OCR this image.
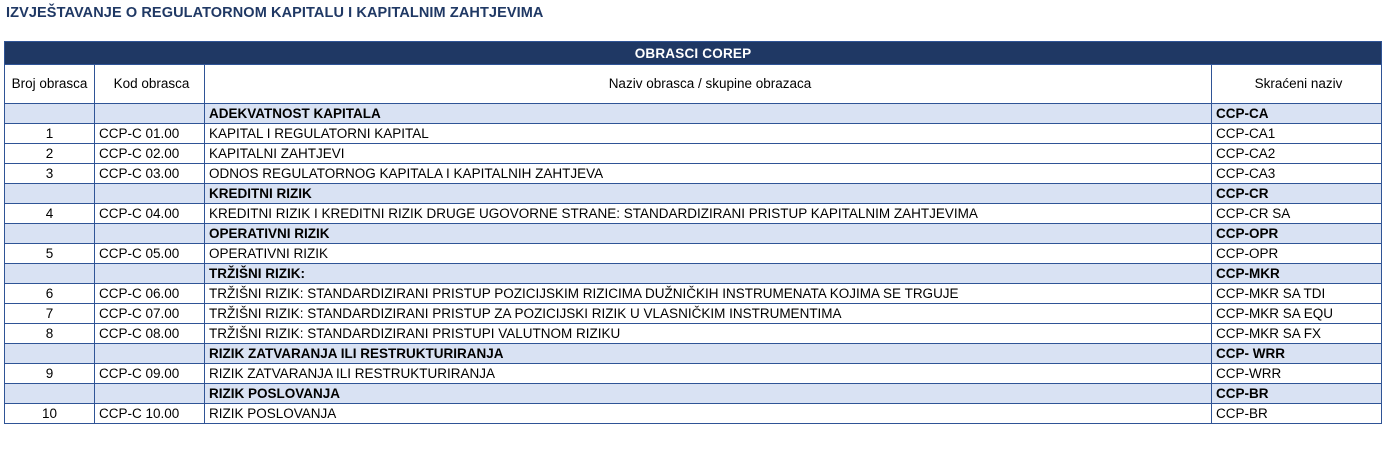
IZVJEŠTAVANJE O REGULATORNOM KAPITALU I KAPITALNIM ZAHTJEVIMA
OBRASCI COREP			
Broj obrasca	Kod obrasca	Naziv obrasca / skupine obrazaca	Skraćeni naziv
		ADEKVATNOST KAPITALA	CCP-CA
1	CCP-C 01.00	KAPITAL I REGULATORNI KAPITAL	CCP-CA1
2	CCP-C 02.00	KAPITALNI ZAHTJEVI	CCP-CA2
3	CCP-C 03.00	ODNOS REGULATORNOG KAPITALA I KAPITALNIH ZAHTJEVA	CCP-CA3
		KREDITNI RIZIK	CCP-CR
4	CCP-C 04.00	KREDITNI RIZIK I KREDITNI RIZIK DRUGE UGOVORNE STRANE: STANDARDIZIRANI PRISTUP KAPITALNIM ZAHTJEVIMA	CCP-CR SA
		OPERATIVNI RIZIK	CCP-OPR
5	CCP-C 05.00	OPERATIVNI RIZIK	CCP-OPR
		TRŽIŠNI RIZIK:	CCP-MKR
6	CCP-C 06.00	TRŽIŠNI RIZIK: STANDARDIZIRANI PRISTUP POZICIJSKIM RIZICIMA DUŽNIČKIH INSTRUMENATA KOJIMA SE TRGUJE	CCP-MKR SA TDI
7	CCP-C 07.00	TRŽIŠNI RIZIK: STANDARDIZIRANI PRISTUP ZA POZICIJSKI RIZIK U VLASNIČKIM INSTRUMENTIMA	CCP-MKR SA EQU
8	CCP-C 08.00	TRŽIŠNI RIZIK: STANDARDIZIRANI PRISTUPI VALUTNOM RIZIKU	CCP-MKR SA FX
		RIZIK ZATVARANJA ILI RESTRUKTURIRANJA	CCP- WRR
9	CCP-C 09.00	RIZIK ZATVARANJA ILI RESTRUKTURIRANJA	CCP-WRR
		RIZIK POSLOVANJA	CCP-BR
10	CCP-C 10.00	RIZIK POSLOVANJA	CCP-BR
